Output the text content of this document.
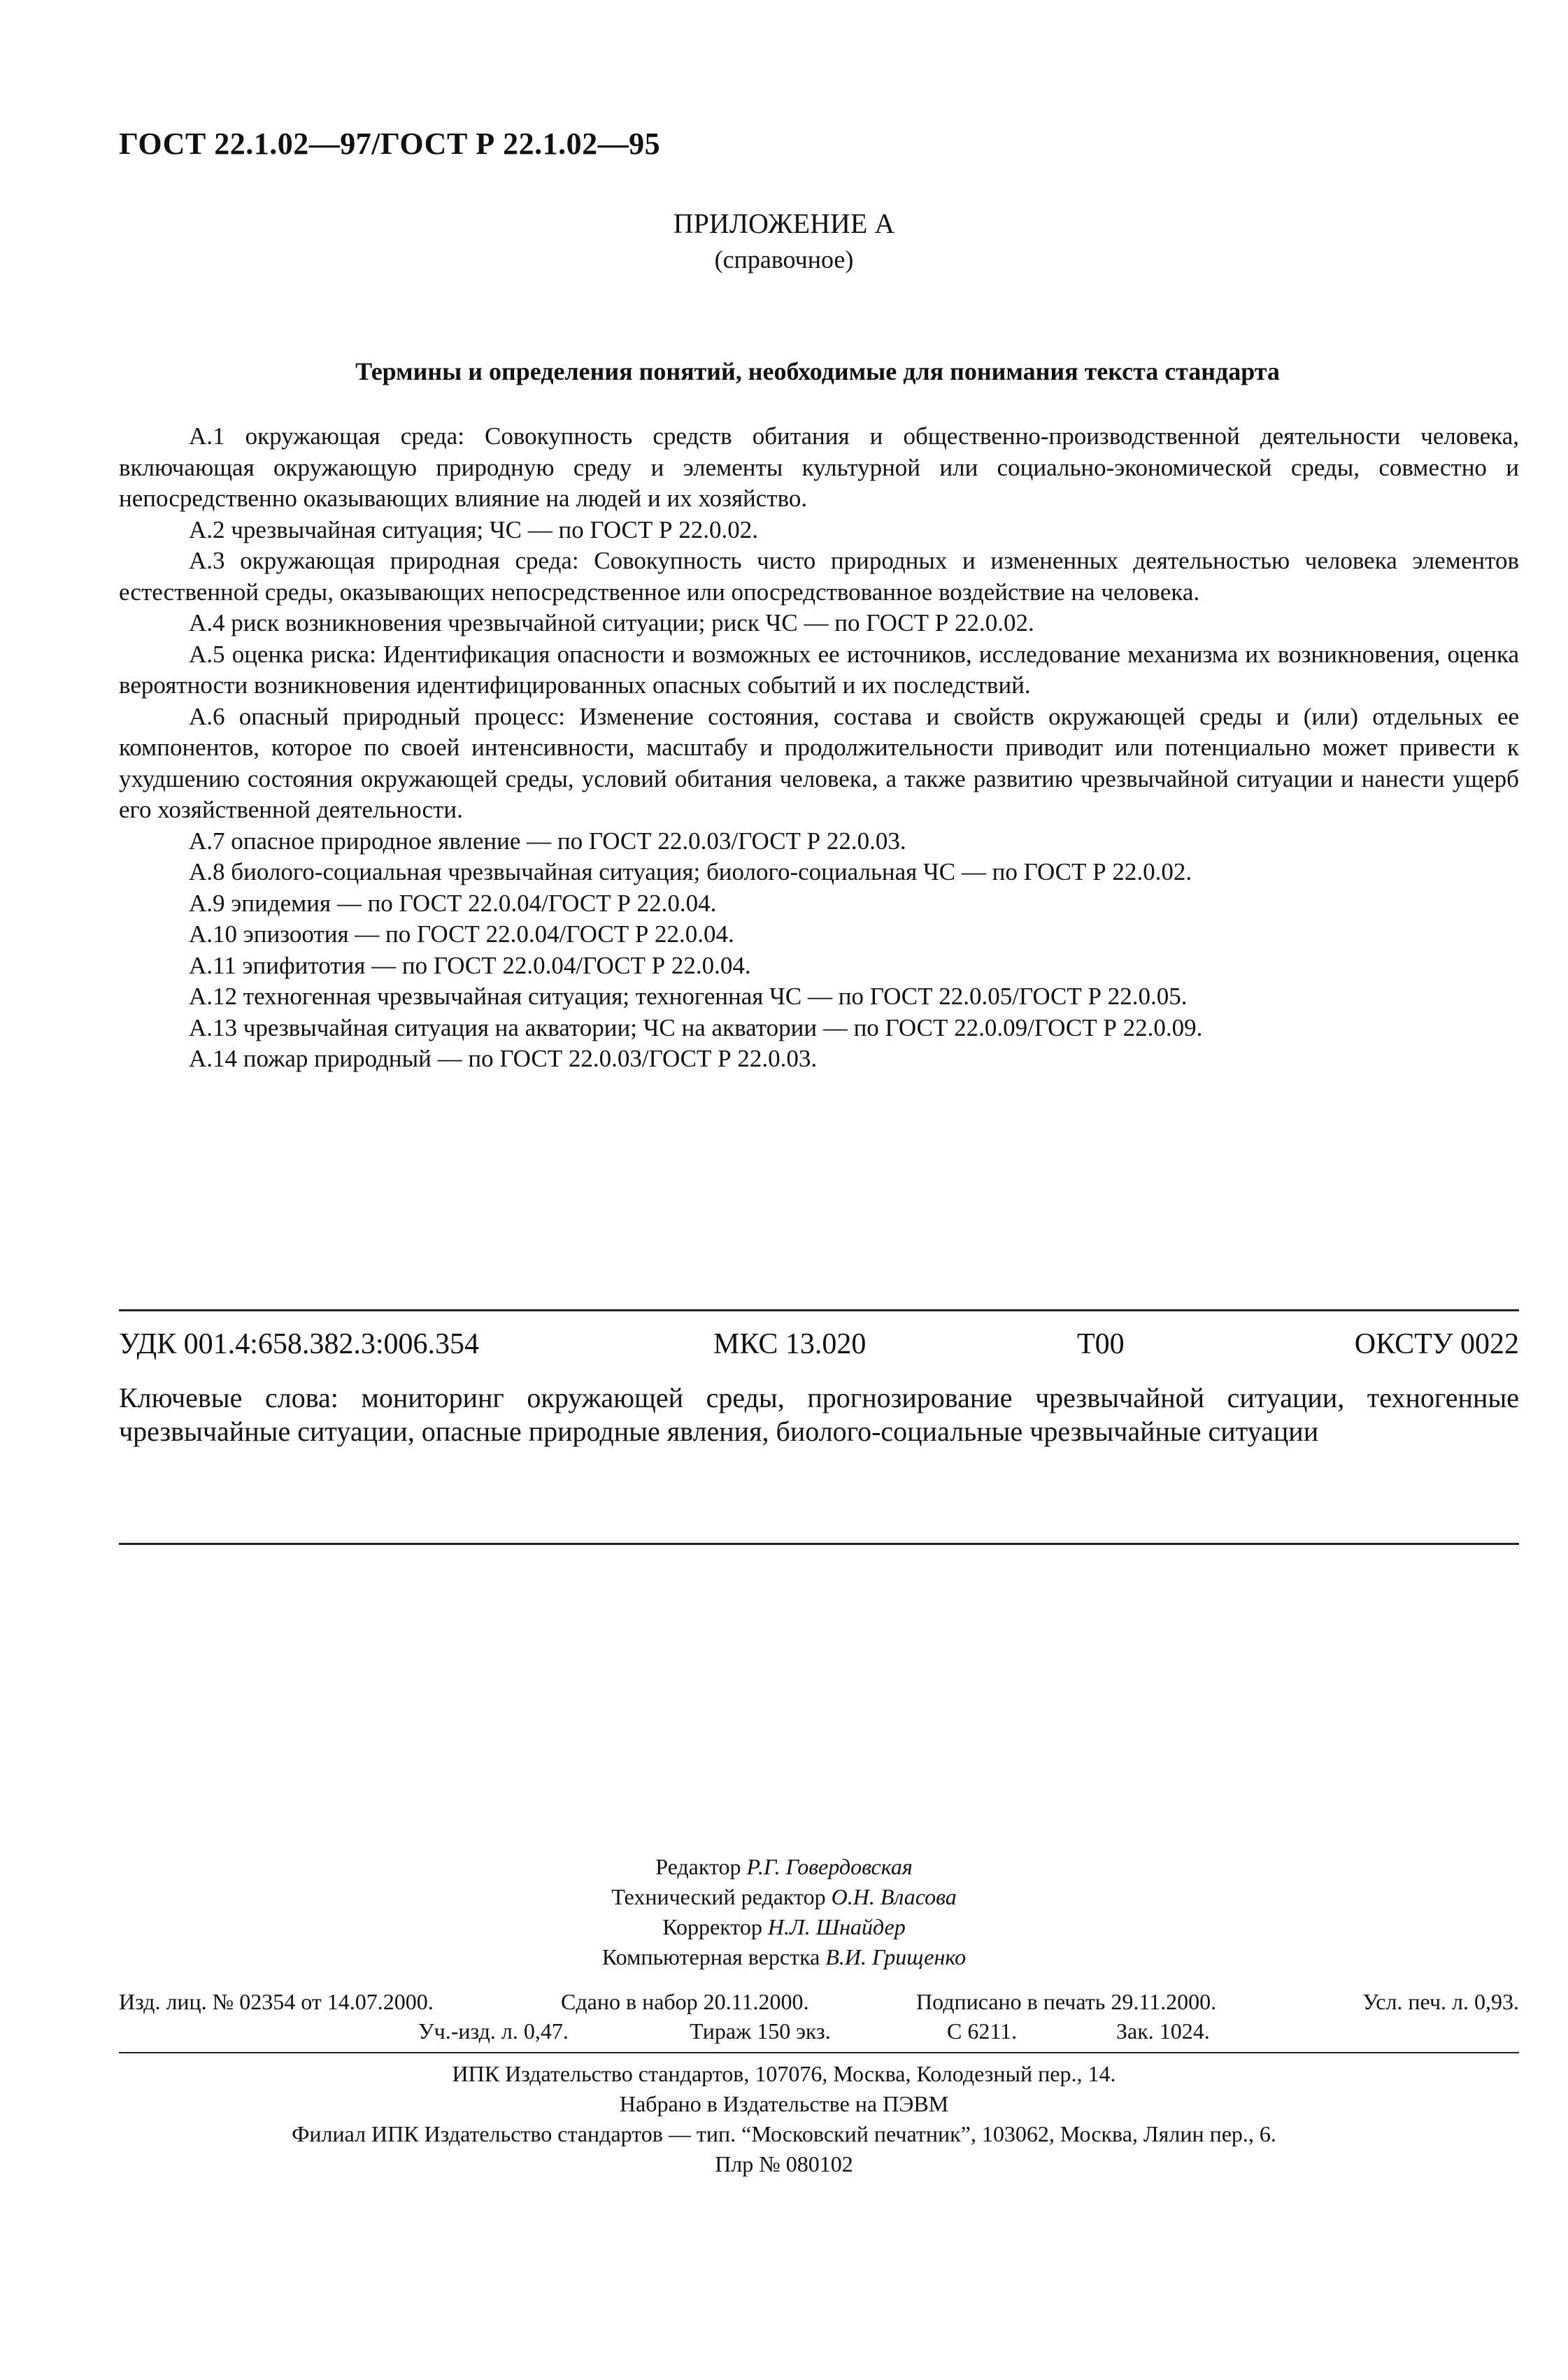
ГОСТ 22.1.02—97/ГОСТ Р 22.1.02—95
ПРИЛОЖЕНИЕ А
(справочное)
Термины и определения понятий, необходимые для понимания текста стандарта

А.1 окружающая среда: Совокупность средств обитания и общественно-производственной деятельности человека, включающая окружающую природную среду и элементы культурной или социально-экономической среды, совместно и непосредственно оказывающих влияние на людей и их хозяйство.

А.2 чрезвычайная ситуация; ЧС — по ГОСТ Р 22.0.02.

А.3 окружающая природная среда: Совокупность чисто природных и измененных деятельностью человека элементов естественной среды, оказывающих непосредственное или опосредствованное воздействие на человека.

А.4 риск возникновения чрезвычайной ситуации; риск ЧС — по ГОСТ Р 22.0.02.

А.5 оценка риска: Идентификация опасности и возможных ее источников, исследование механизма их возникновения, оценка вероятности возникновения идентифицированных опасных событий и их последствий.

А.6 опасный природный процесс: Изменение состояния, состава и свойств окружающей среды и (или) отдельных ее компонентов, которое по своей интенсивности, масштабу и продолжительности приводит или потенциально может привести к ухудшению состояния окружающей среды, условий обитания человека, а также развитию чрезвычайной ситуации и нанести ущерб его хозяйственной деятельности.

А.7 опасное природное явление — по ГОСТ 22.0.03/ГОСТ Р 22.0.03.

А.8 биолого-социальная чрезвычайная ситуация; биолого-социальная ЧС — по ГОСТ Р 22.0.02.

А.9 эпидемия — по ГОСТ 22.0.04/ГОСТ Р 22.0.04.

А.10 эпизоотия — по ГОСТ 22.0.04/ГОСТ Р 22.0.04.

А.11 эпифитотия — по ГОСТ 22.0.04/ГОСТ Р 22.0.04.

А.12 техногенная чрезвычайная ситуация; техногенная ЧС — по ГОСТ 22.0.05/ГОСТ Р 22.0.05.

А.13 чрезвычайная ситуация на акватории; ЧС на акватории — по ГОСТ 22.0.09/ГОСТ Р 22.0.09.

А.14 пожар природный — по ГОСТ 22.0.03/ГОСТ Р 22.0.03.

УДК 001.4:658.382.3:006.354	МКС 13.020	Т00	ОКСТУ 0022
Ключевые слова: мониторинг окружающей среды, прогнозирование чрезвычайной ситуации, техногенные чрезвычайные ситуации, опасные природные явления, биолого-социальные чрезвычайные ситуации
Редактор Р.Г. Говердовская
Технический редактор О.Н. Власова
Корректор Н.Л. Шнайдер
Компьютерная верстка В.И. Грищенко
Изд. лиц. № 02354 от 14.07.2000.	Сдано в набор 20.11.2000.	Подписано в печать 29.11.2000.	Усл. печ. л. 0,93.
Уч.-изд. л. 0,47.	Тираж 150 экз.	С 6211.	Зак. 1024.
ИПК Издательство стандартов, 107076, Москва, Колодезный пер., 14.
Набрано в Издательстве на ПЭВМ
Филиал ИПК Издательство стандартов — тип. “Московский печатник”, 103062, Москва, Лялин пер., 6.
Плр № 080102
